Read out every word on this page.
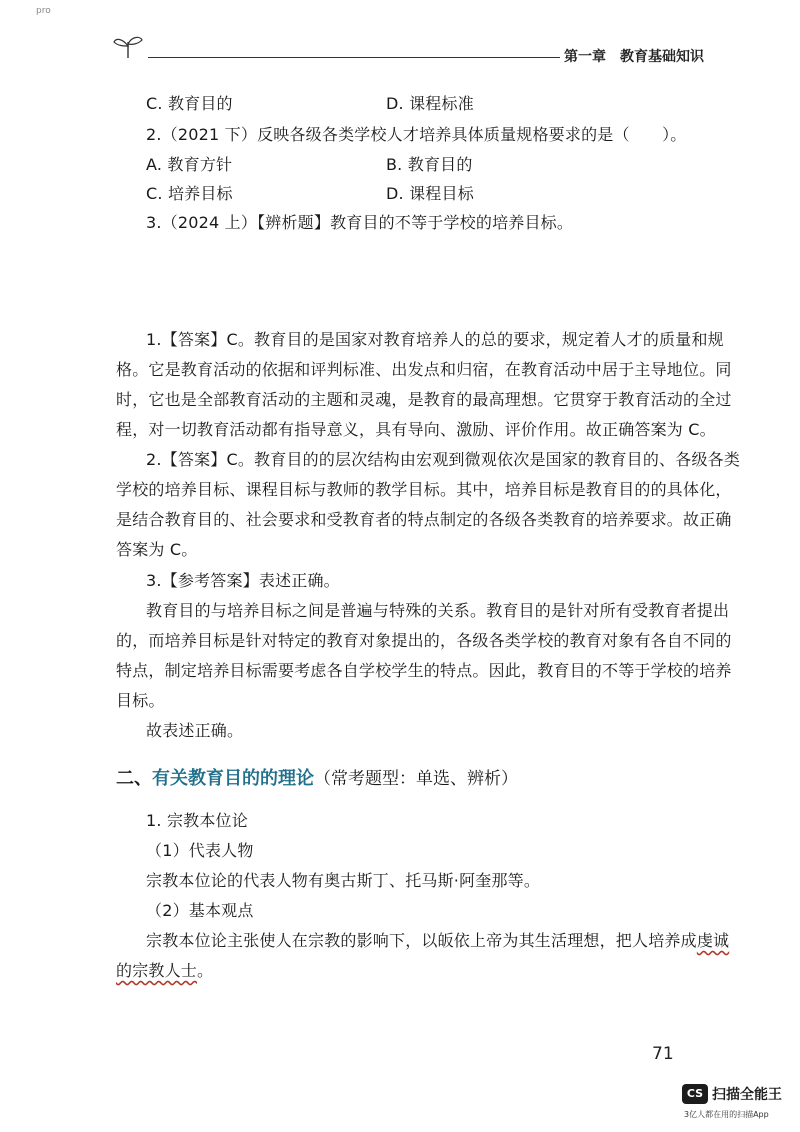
pro
第一章　教育基础知识
C. 教育目的	D. 课程标准
2.（2021 下）反映各级各类学校人才培养具体质量规格要求的是（　　）。
A. 教育方针	B. 教育目的
C. 培养目标	D. 课程目标
3.（2024 上）【辨析题】教育目的不等于学校的培养目标。
1.【答案】C。教育目的是国家对教育培养人的总的要求，规定着人才的质量和规
格。它是教育活动的依据和评判标准、出发点和归宿，在教育活动中居于主导地位。同
时，它也是全部教育活动的主题和灵魂，是教育的最高理想。它贯穿于教育活动的全过
程，对一切教育活动都有指导意义，具有导向、激励、评价作用。故正确答案为 C。
2.【答案】C。教育目的的层次结构由宏观到微观依次是国家的教育目的、各级各类
学校的培养目标、课程目标与教师的教学目标。其中，培养目标是教育目的的具体化，
是结合教育目的、社会要求和受教育者的特点制定的各级各类教育的培养要求。故正确
答案为 C。
3.【参考答案】表述正确。
教育目的与培养目标之间是普遍与特殊的关系。教育目的是针对所有受教育者提出
的，而培养目标是针对特定的教育对象提出的，各级各类学校的教育对象有各自不同的
特点，制定培养目标需要考虑各自学校学生的特点。因此，教育目的不等于学校的培养
目标。
故表述正确。
二、有关教育目的的理论（常考题型：单选、辨析）
1. 宗教本位论
（1）代表人物
宗教本位论的代表人物有奥古斯丁、托马斯·阿奎那等。
（2）基本观点
宗教本位论主张使人在宗教的影响下，以皈依上帝为其生活理想，把人培养成虔诚
的宗教人士。
71
CS 扫描全能王
3亿人都在用的扫描App
